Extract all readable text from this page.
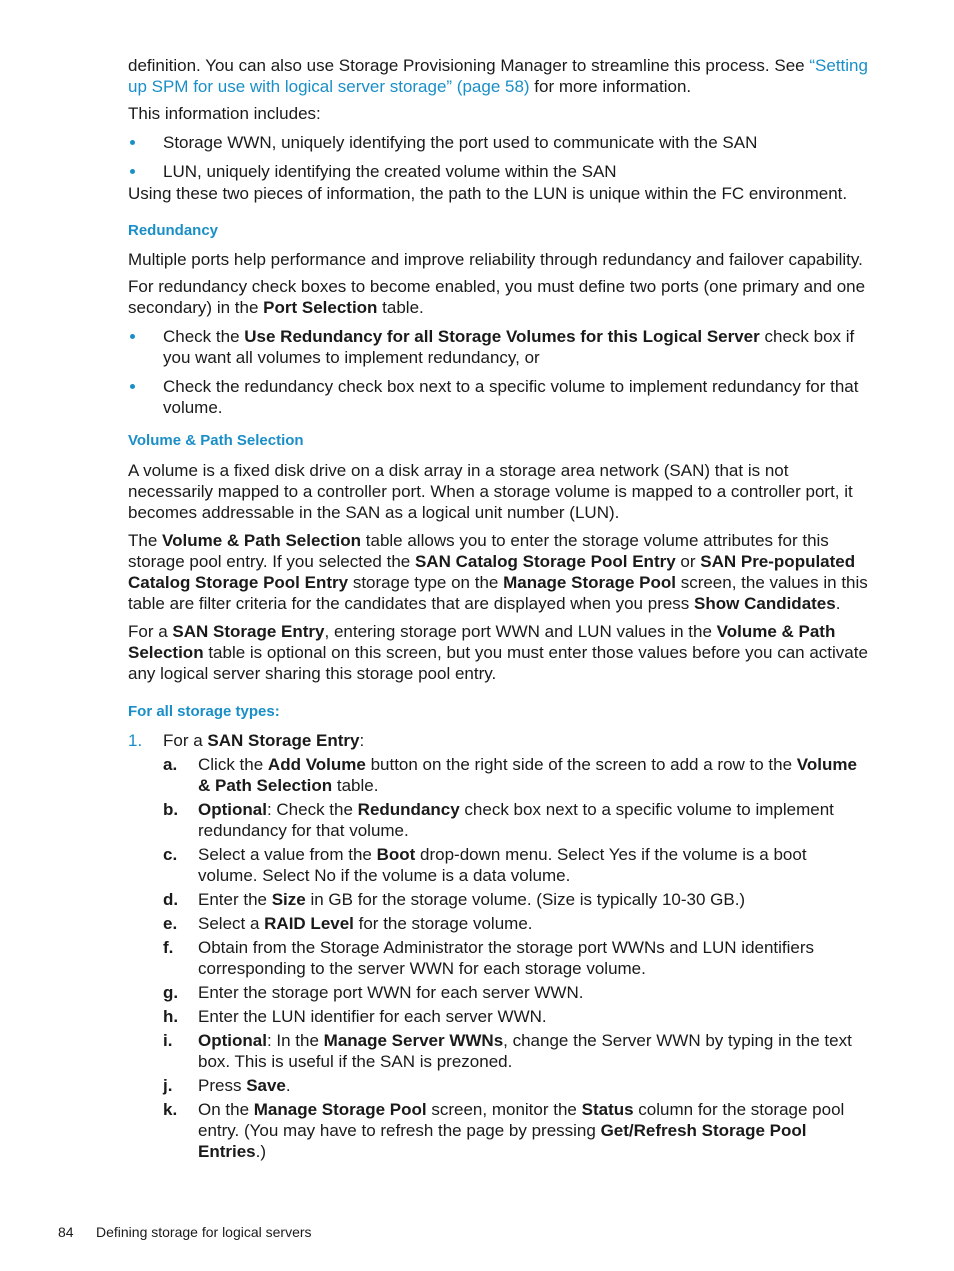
definition. You can also use Storage Provisioning Manager to streamline this process. See “Setting up SPM for use with logical server storage” (page 58) for more information.

This information includes:

Storage WWN, uniquely identifying the port used to communicate with the SAN
LUN, uniquely identifying the created volume within the SAN

Using these two pieces of information, the path to the LUN is unique within the FC environment.

Redundancy

Multiple ports help performance and improve reliability through redundancy and failover capability.

For redundancy check boxes to become enabled, you must define two ports (one primary and one secondary) in the Port Selection table.

Check the Use Redundancy for all Storage Volumes for this Logical Server check box if you want all volumes to implement redundancy, or
Check the redundancy check box next to a specific volume to implement redundancy for that volume.
Volume & Path Selection

A volume is a fixed disk drive on a disk array in a storage area network (SAN) that is not necessarily mapped to a controller port. When a storage volume is mapped to a controller port, it becomes addressable in the SAN as a logical unit number (LUN).

The Volume & Path Selection table allows you to enter the storage volume attributes for this storage pool entry. If you selected the SAN Catalog Storage Pool Entry or SAN Pre-populated Catalog Storage Pool Entry storage type on the Manage Storage Pool screen, the values in this table are filter criteria for the candidates that are displayed when you press Show Candidates.

For a SAN Storage Entry, entering storage port WWN and LUN values in the Volume & Path Selection table is optional on this screen, but you must enter those values before you can activate any logical server sharing this storage pool entry.

For all storage types:
1. For a SAN Storage Entry:
a. Click the Add Volume button on the right side of the screen to add a row to the Volume & Path Selection table.
b. Optional: Check the Redundancy check box next to a specific volume to implement redundancy for that volume.
c. Select a value from the Boot drop-down menu. Select Yes if the volume is a boot volume. Select No if the volume is a data volume.
d. Enter the Size in GB for the storage volume. (Size is typically 10-30 GB.)
e. Select a RAID Level for the storage volume.
f. Obtain from the Storage Administrator the storage port WWNs and LUN identifiers corresponding to the server WWN for each storage volume.
g. Enter the storage port WWN for each server WWN.
h. Enter the LUN identifier for each server WWN.
i. Optional: In the Manage Server WWNs, change the Server WWN by typing in the text box. This is useful if the SAN is prezoned.
j. Press Save.
k. On the Manage Storage Pool screen, monitor the Status column for the storage pool entry. (You may have to refresh the page by pressing Get/Refresh Storage Pool Entries.)
84 Defining storage for logical servers
